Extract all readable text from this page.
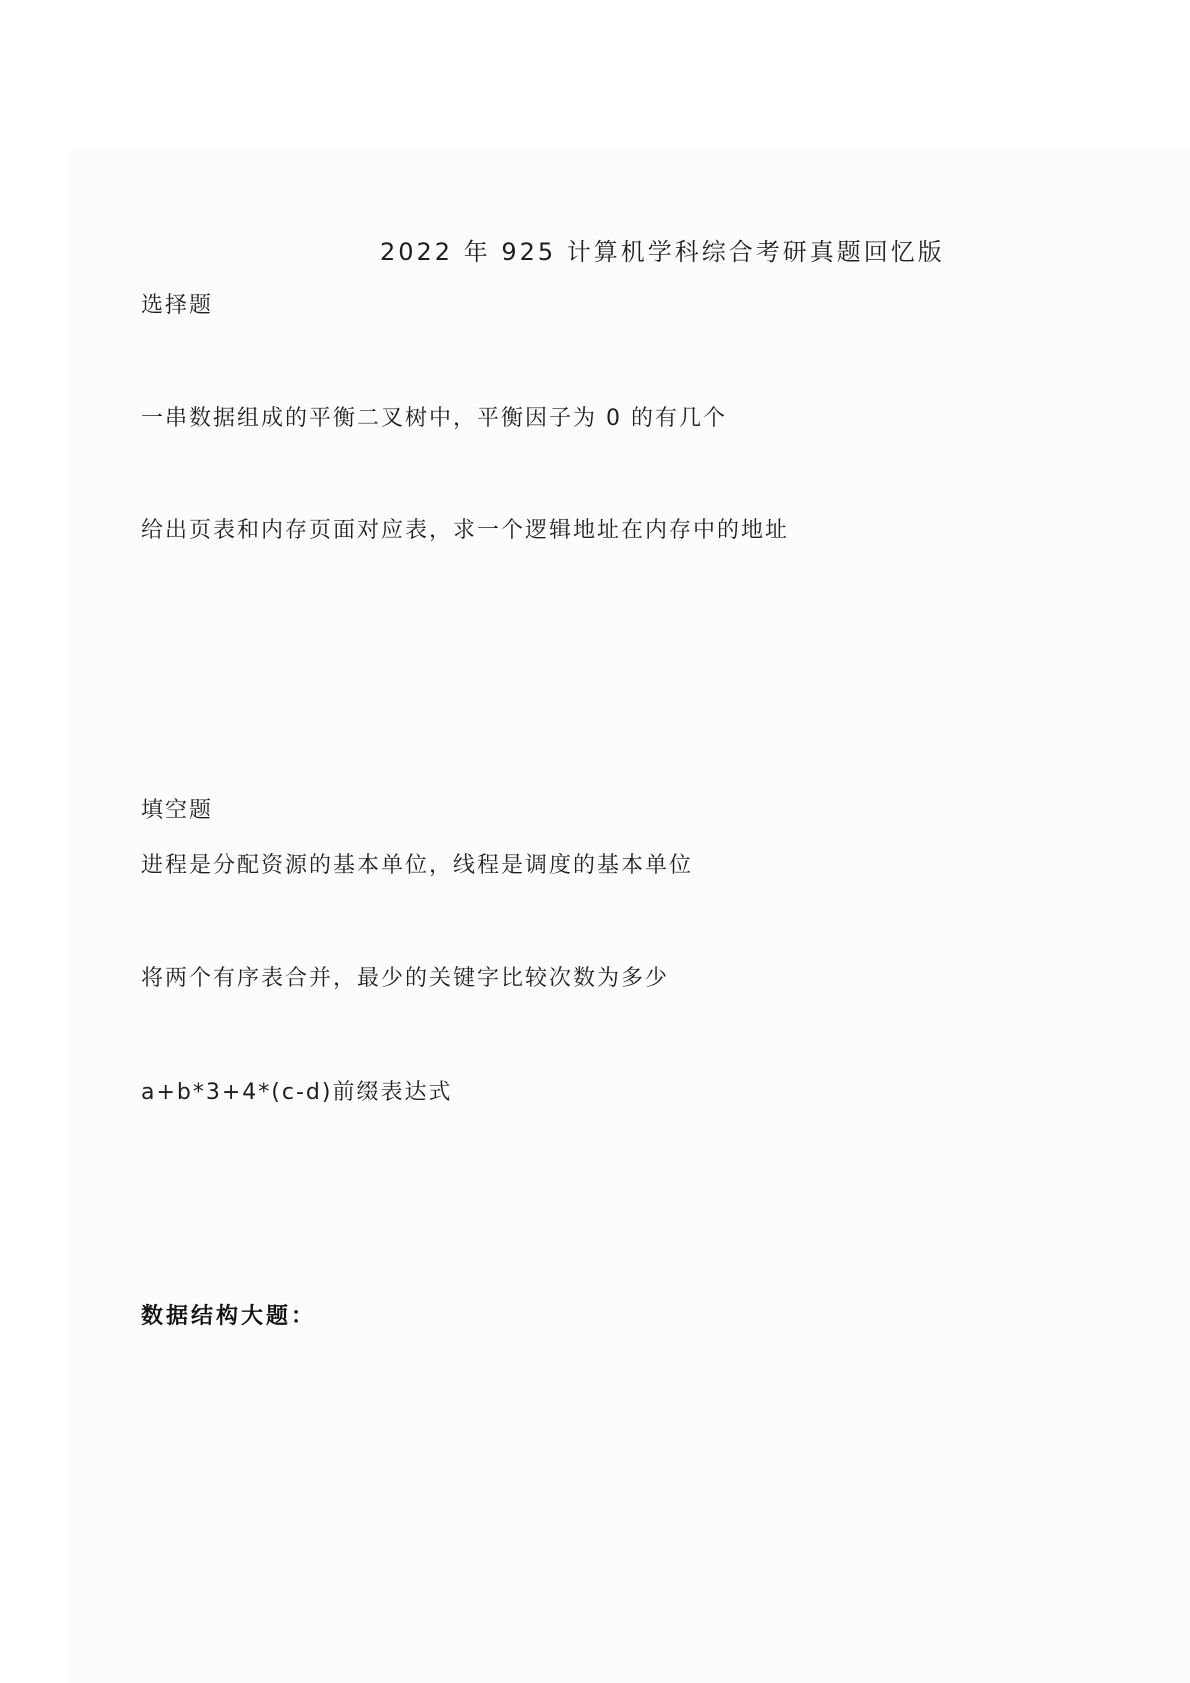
2022 年 925 计算机学科综合考研真题回忆版
选择题
一串数据组成的平衡二叉树中，平衡因子为 0 的有几个
给出页表和内存页面对应表，求一个逻辑地址在内存中的地址
填空题
进程是分配资源的基本单位，线程是调度的基本单位
将两个有序表合并，最少的关键字比较次数为多少
a+b*3+4*(c-d)前缀表达式
数据结构大题：
